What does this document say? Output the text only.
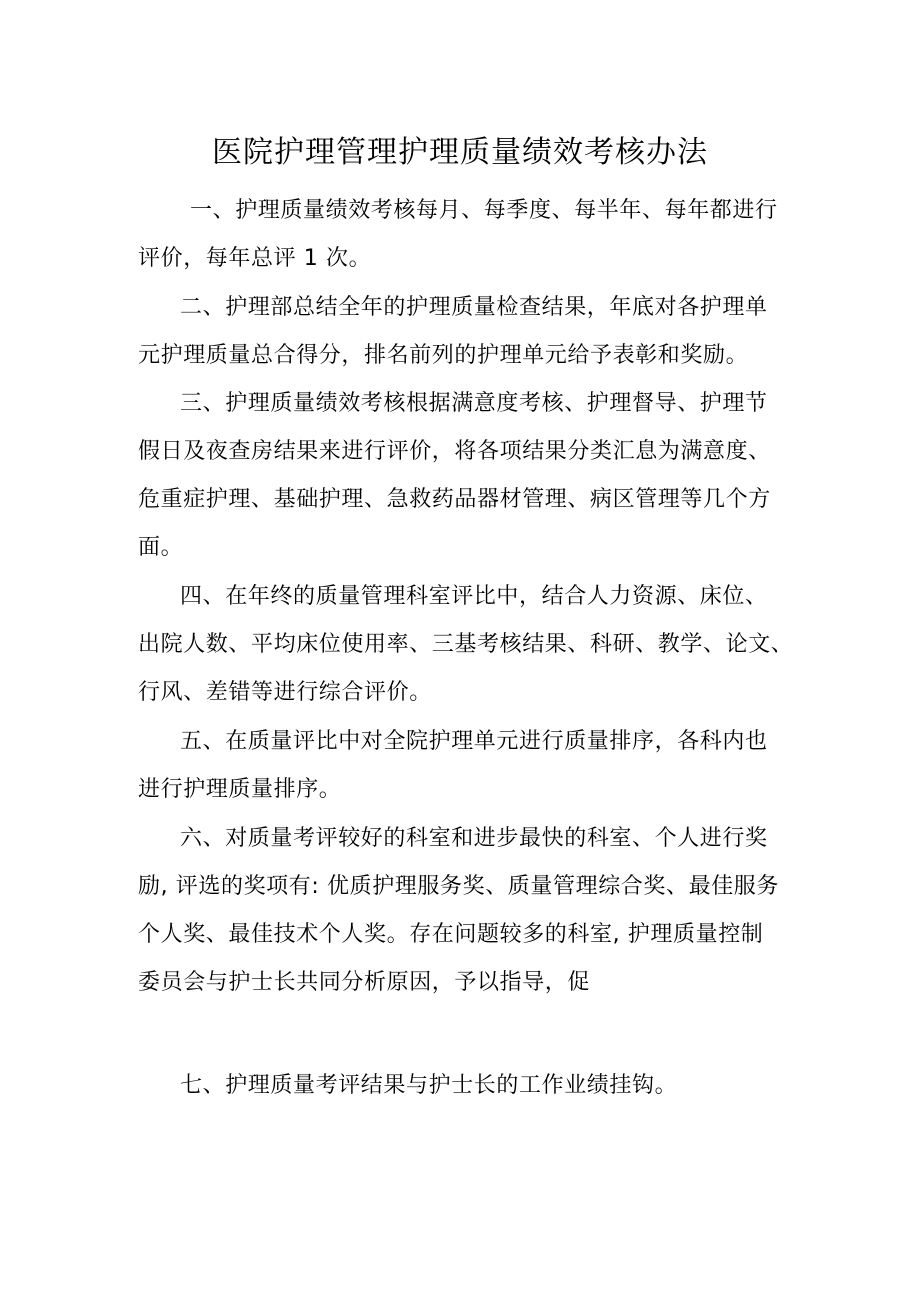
医院护理管理护理质量绩效考核办法
一、护理质量绩效考核每月、每季度、每半年、每年都进行
评价，每年总评 1 次。
二、护理部总结全年的护理质量检查结果，年底对各护理单
元护理质量总合得分，排名前列的护理单元给予表彰和奖励。
三、护理质量绩效考核根据满意度考核、护理督导、护理节
假日及夜查房结果来进行评价，将各项结果分类汇息为满意度、
危重症护理、基础护理、急救药品器材管理、病区管理等几个方
面。
四、在年终的质量管理科室评比中，结合人力资源、床位、
出院人数、平均床位使用率、三基考核结果、科研、教学、论文、
行风、差错等进行综合评价。
五、在质量评比中对全院护理单元进行质量排序，各科内也
进行护理质量排序。
六、对质量考评较好的科室和进步最快的科室、个人进行奖
励, 评选的奖项有: 优质护理服务奖、质量管理综合奖、最佳服务
个人奖、最佳技术个人奖。存在问题较多的科室, 护理质量控制
委员会与护士长共同分析原因，予以指导，促
七、护理质量考评结果与护士长的工作业绩挂钩。
